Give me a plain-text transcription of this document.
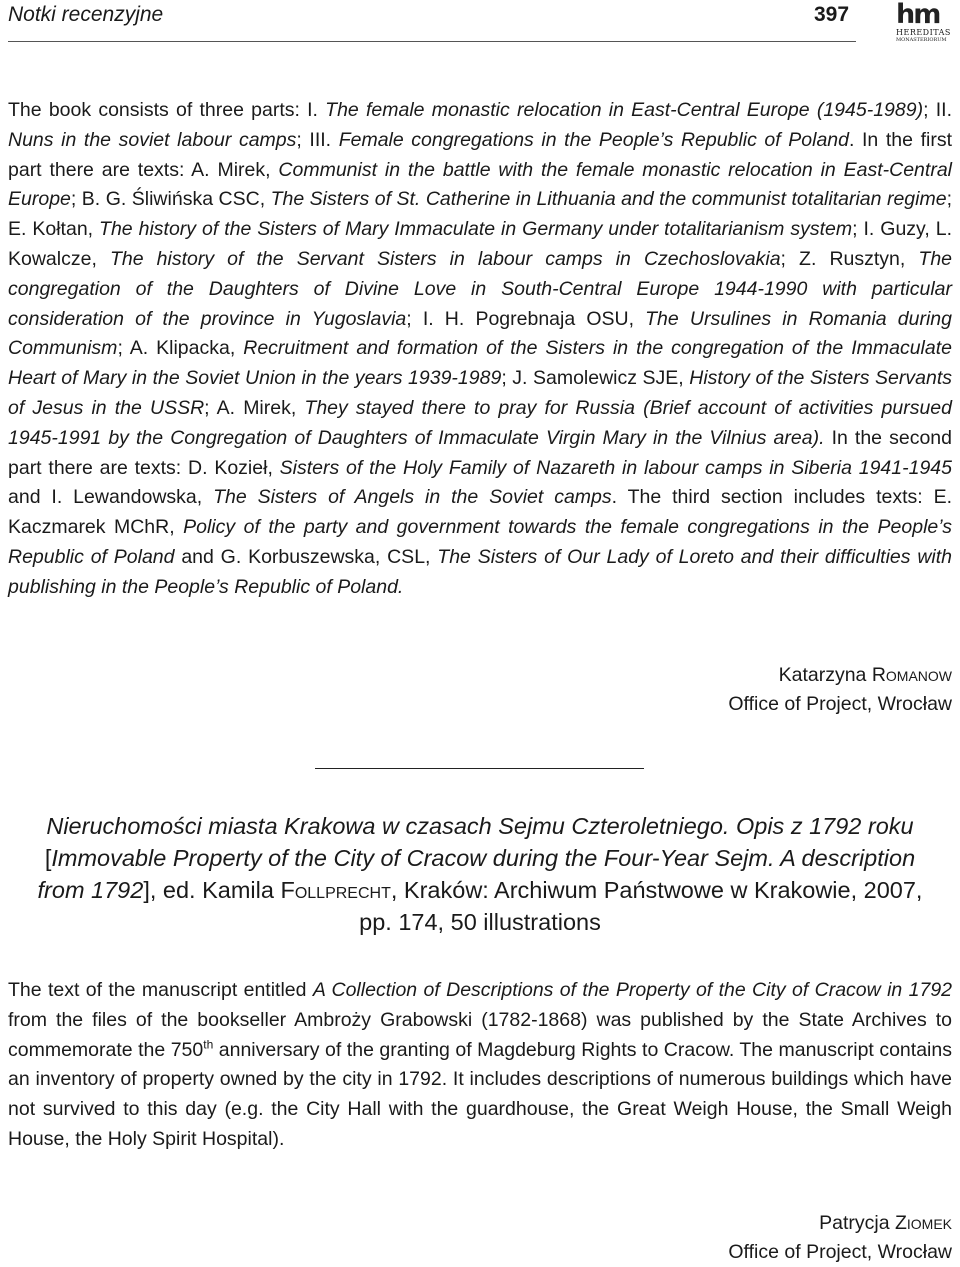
Notki recenzyjne	397 hm
HEREDITAS
MONASTERIORUM

The book consists of three parts: I. The female monastic relocation in East-Central Europe (1945-1989); II. Nuns in the soviet labour camps; III. Female congregations in the People’s Republic of Poland. In the first part there are texts: A. Mirek, Communist in the battle with the female monastic relocation in East-Central Europe; B. G. Śliwińska CSC, The Sisters of St. Catherine in Lithuania and the communist totalitarian regime; E. Kołtan, The history of the Sisters of Mary Immaculate in Germany under totalitarianism system; I. Guzy, L. Kowalcze, The history of the Servant Sisters in labour camps in Czechoslovakia; Z. Rusztyn, The congregation of the Daughters of Divine Love in South-Central Europe 1944-1990 with particular consideration of the province in Yugoslavia; I. H. Pogrebnaja OSU, The Ursulines in Romania during Communism; A. Klipacka, Recruitment and formation of the Sisters in the congregation of the Immaculate Heart of Mary in the Soviet Union in the years 1939-1989; J. Samolewicz SJE, History of the Sisters Servants of Jesus in the USSR; A. Mirek, They stayed there to pray for Russia (Brief account of activities pursued 1945-1991 by the Congregation of Daughters of Immaculate Virgin Mary in the Vilnius area). In the second part there are texts: D. Kozieł, Sisters of the Holy Family of Nazareth in labour camps in Siberia 1941-1945 and I. Lewandowska, The Sisters of Angels in the Soviet camps. The third section includes texts: E. Kaczmarek MChR, Policy of the party and government towards the female congregations in the People’s Republic of Poland and G. Korbuszewska, CSL, The Sisters of Our Lady of Loreto and their difficulties with publishing in the People’s Republic of Poland.

Katarzyna Romanow
Office of Project, Wrocław
Nieruchomości miasta Krakowa w czasach Sejmu Czteroletniego. Opis z 1792 roku [Immovable Property of the City of Cracow during the Four-Year Sejm. A description from 1792], ed. Kamila Follprecht, Kraków: Archiwum Państwowe w Krakowie, 2007, pp. 174, 50 illustrations

The text of the manuscript entitled A Collection of Descriptions of the Property of the City of Cracow in 1792 from the files of the bookseller Ambroży Grabowski (1782-1868) was published by the State Archives to commemorate the 750th anniversary of the granting of Magdeburg Rights to Cracow. The manuscript contains an inventory of property owned by the city in 1792. It includes descriptions of numerous buildings which have not survived to this day (e.g. the City Hall with the guardhouse, the Great Weigh House, the Small Weigh House, the Holy Spirit Hospital).

Patrycja Ziomek
Office of Project, Wrocław
